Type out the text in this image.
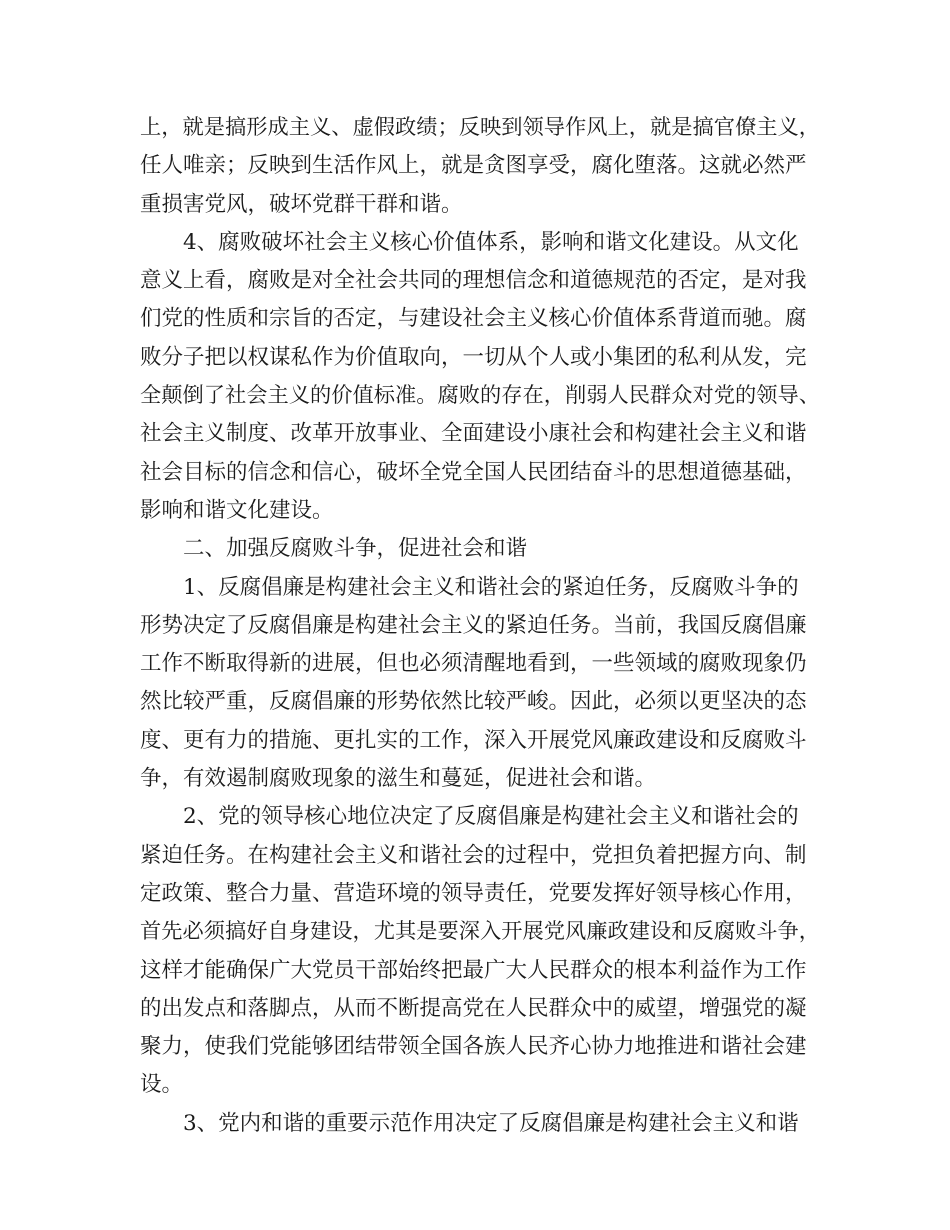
上，就是搞形成主义、虚假政绩；反映到领导作风上，就是搞官僚主义，
任人唯亲；反映到生活作风上，就是贪图享受，腐化堕落。这就必然严
重损害党风，破坏党群干群和谐。
4、腐败破坏社会主义核心价值体系，影响和谐文化建设。从文化
意义上看，腐败是对全社会共同的理想信念和道德规范的否定，是对我
们党的性质和宗旨的否定，与建设社会主义核心价值体系背道而驰。腐
败分子把以权谋私作为价值取向，一切从个人或小集团的私利从发，完
全颠倒了社会主义的价值标准。腐败的存在，削弱人民群众对党的领导、
社会主义制度、改革开放事业、全面建设小康社会和构建社会主义和谐
社会目标的信念和信心，破坏全党全国人民团结奋斗的思想道德基础，
影响和谐文化建设。
二、加强反腐败斗争，促进社会和谐
1、反腐倡廉是构建社会主义和谐社会的紧迫任务，反腐败斗争的
形势决定了反腐倡廉是构建社会主义的紧迫任务。当前，我国反腐倡廉
工作不断取得新的进展，但也必须清醒地看到，一些领域的腐败现象仍
然比较严重，反腐倡廉的形势依然比较严峻。因此，必须以更坚决的态
度、更有力的措施、更扎实的工作，深入开展党风廉政建设和反腐败斗
争，有效遏制腐败现象的滋生和蔓延，促进社会和谐。
2、党的领导核心地位决定了反腐倡廉是构建社会主义和谐社会的
紧迫任务。在构建社会主义和谐社会的过程中，党担负着把握方向、制
定政策、整合力量、营造环境的领导责任，党要发挥好领导核心作用，
首先必须搞好自身建设，尤其是要深入开展党风廉政建设和反腐败斗争，
这样才能确保广大党员干部始终把最广大人民群众的根本利益作为工作
的出发点和落脚点，从而不断提高党在人民群众中的威望，增强党的凝
聚力，使我们党能够团结带领全国各族人民齐心协力地推进和谐社会建
设。
3、党内和谐的重要示范作用决定了反腐倡廉是构建社会主义和谐
